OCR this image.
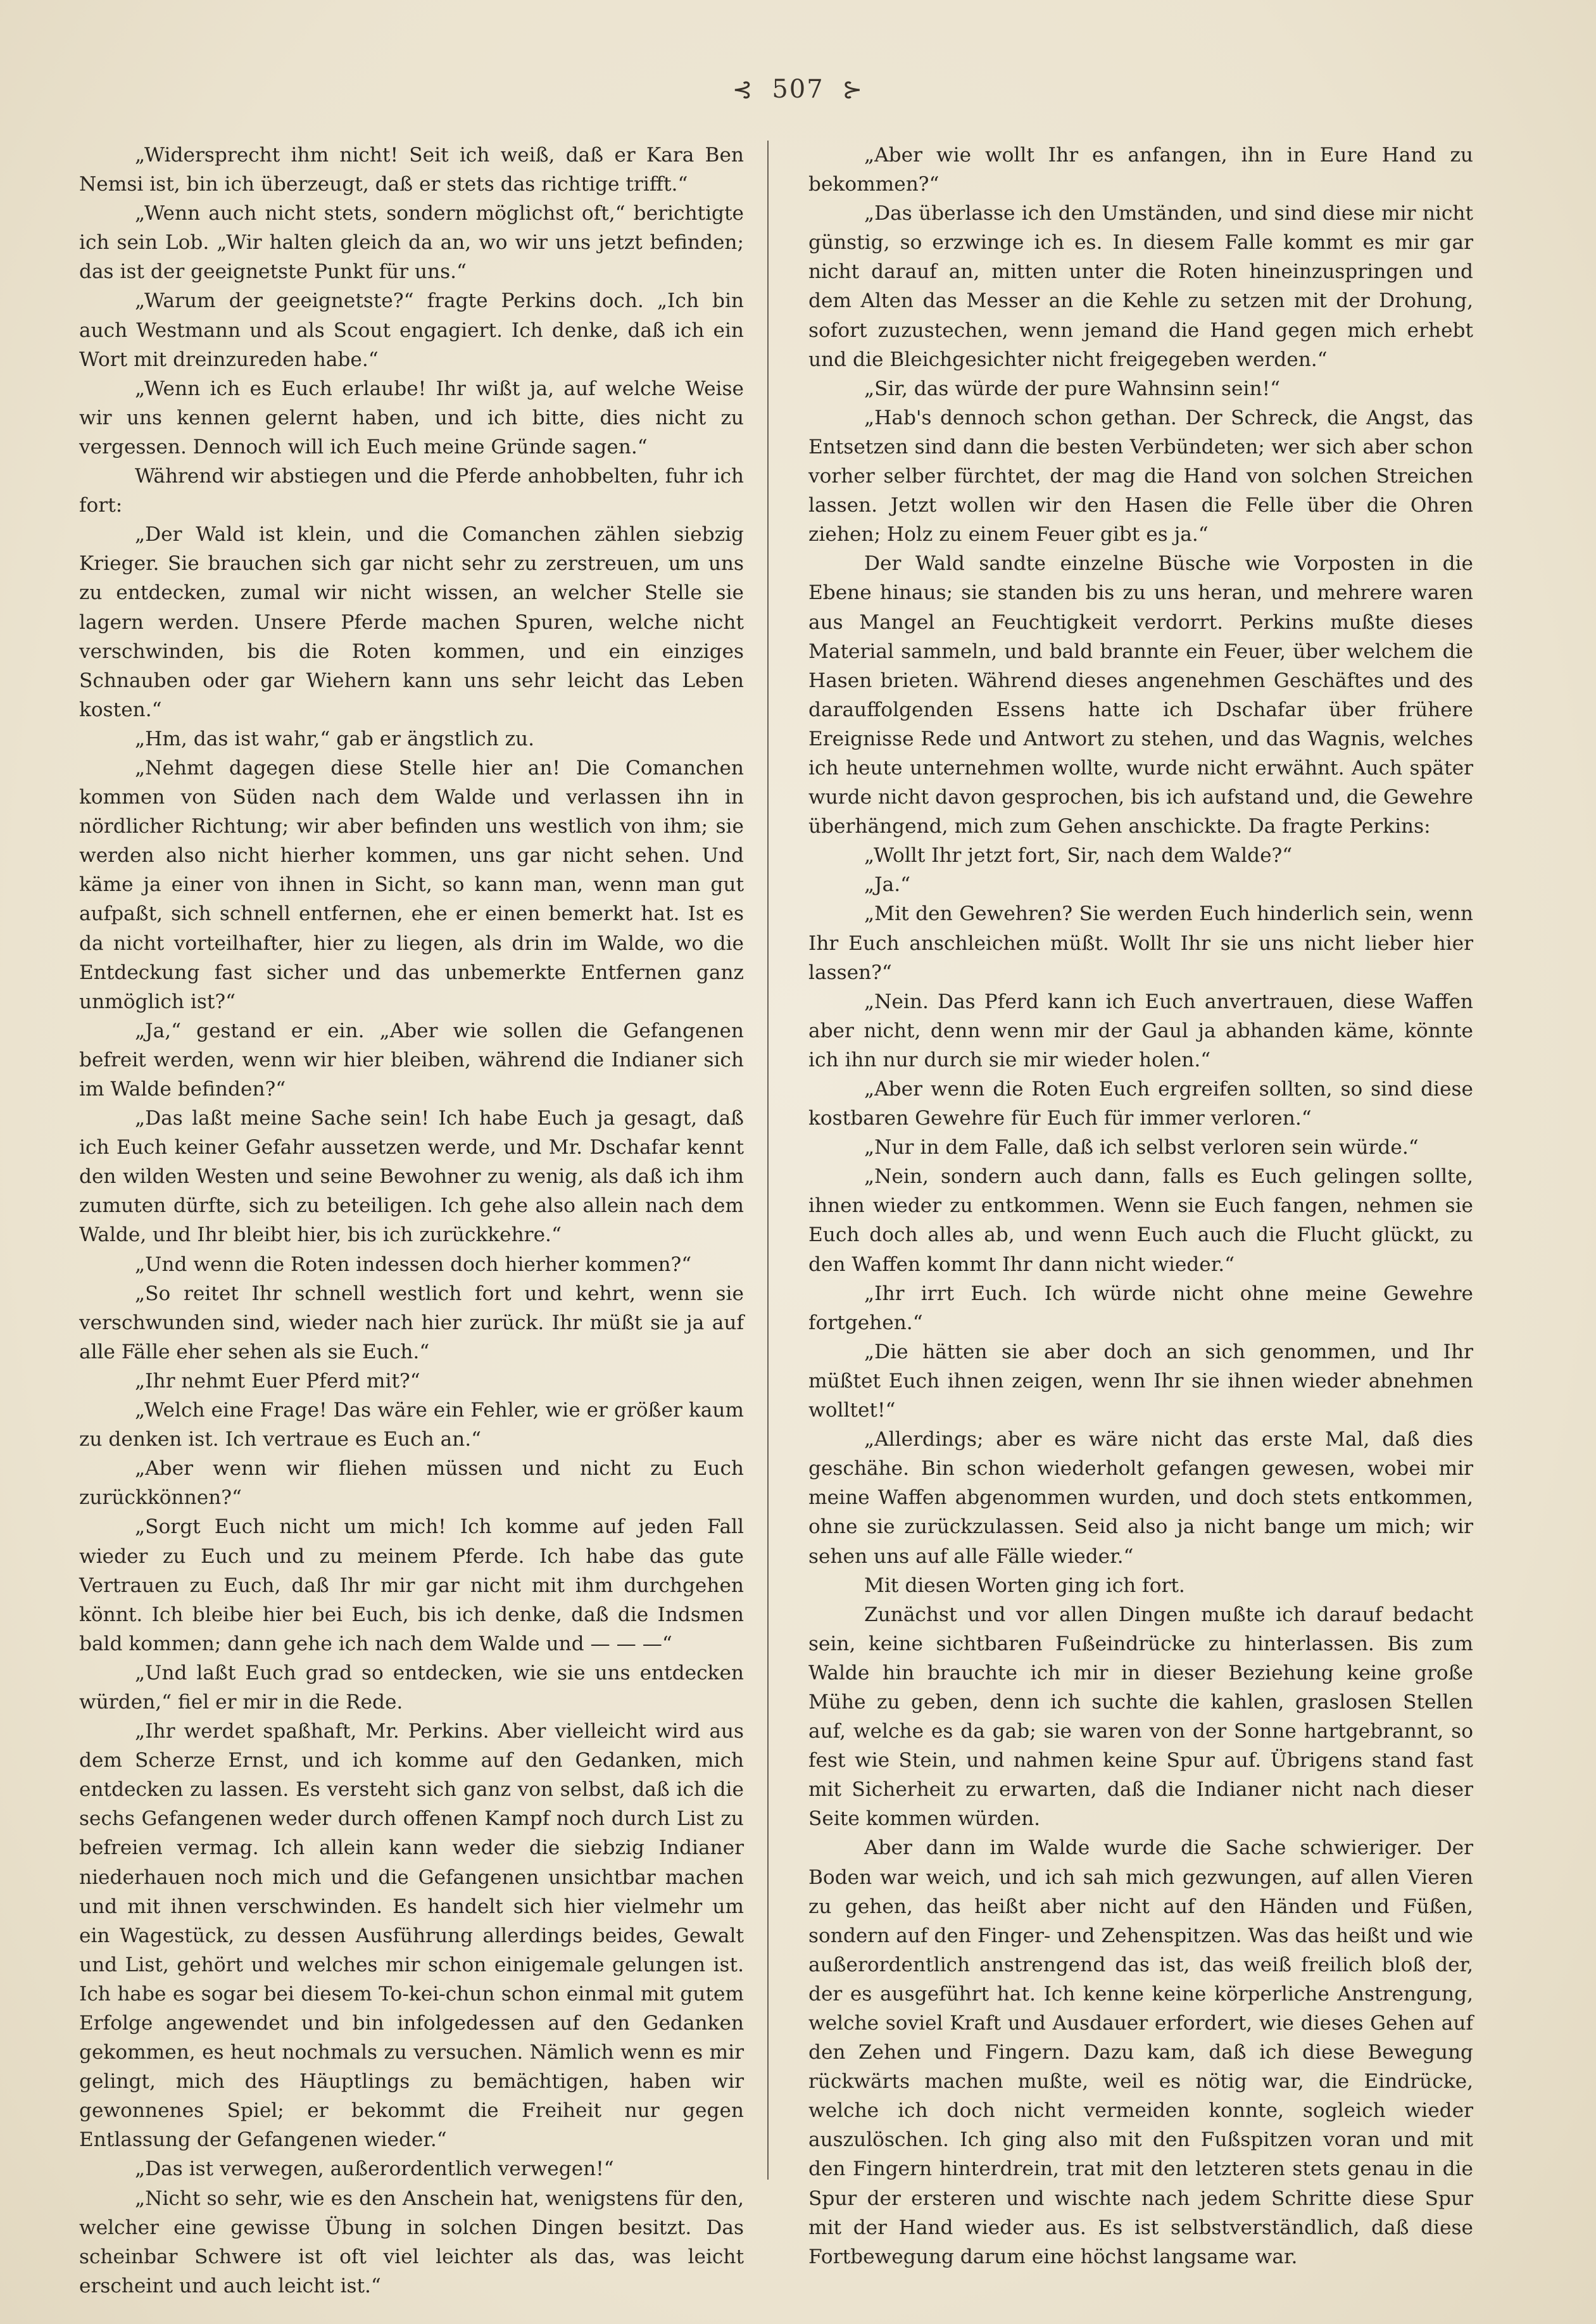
⊰ 507 ⊱

„Widersprecht ihm nicht! Seit ich weiß, daß er Kara Ben Nemsi ist, bin ich überzeugt, daß er stets das richtige trifft.“

„Wenn auch nicht stets, sondern möglichst oft,“ berichtigte ich sein Lob. „Wir halten gleich da an, wo wir uns jetzt befinden; das ist der geeignetste Punkt für uns.“

„Warum der geeignetste?“ fragte Perkins doch. „Ich bin auch Westmann und als Scout engagiert. Ich denke, daß ich ein Wort mit dreinzureden habe.“

„Wenn ich es Euch erlaube! Ihr wißt ja, auf welche Weise wir uns kennen gelernt haben, und ich bitte, dies nicht zu vergessen. Dennoch will ich Euch meine Gründe sagen.“

Während wir abstiegen und die Pferde anhobbelten, fuhr ich fort:

„Der Wald ist klein, und die Comanchen zählen siebzig Krieger. Sie brauchen sich gar nicht sehr zu zerstreuen, um uns zu entdecken, zumal wir nicht wissen, an welcher Stelle sie lagern werden. Unsere Pferde machen Spuren, welche nicht verschwinden, bis die Roten kommen, und ein einziges Schnauben oder gar Wiehern kann uns sehr leicht das Leben kosten.“

„Hm, das ist wahr,“ gab er ängstlich zu.

„Nehmt dagegen diese Stelle hier an! Die Comanchen kommen von Süden nach dem Walde und verlassen ihn in nördlicher Richtung; wir aber befinden uns westlich von ihm; sie werden also nicht hierher kommen, uns gar nicht sehen. Und käme ja einer von ihnen in Sicht, so kann man, wenn man gut aufpaßt, sich schnell entfernen, ehe er einen bemerkt hat. Ist es da nicht vorteilhafter, hier zu liegen, als drin im Walde, wo die Entdeckung fast sicher und das unbemerkte Entfernen ganz unmöglich ist?“

„Ja,“ gestand er ein. „Aber wie sollen die Gefangenen befreit werden, wenn wir hier bleiben, während die Indianer sich im Walde befinden?“

„Das laßt meine Sache sein! Ich habe Euch ja gesagt, daß ich Euch keiner Gefahr aussetzen werde, und Mr. Dschafar kennt den wilden Westen und seine Bewohner zu wenig, als daß ich ihm zumuten dürfte, sich zu beteiligen. Ich gehe also allein nach dem Walde, und Ihr bleibt hier, bis ich zurückkehre.“

„Und wenn die Roten indessen doch hierher kommen?“

„So reitet Ihr schnell westlich fort und kehrt, wenn sie verschwunden sind, wieder nach hier zurück. Ihr müßt sie ja auf alle Fälle eher sehen als sie Euch.“

„Ihr nehmt Euer Pferd mit?“

„Welch eine Frage! Das wäre ein Fehler, wie er größer kaum zu denken ist. Ich vertraue es Euch an.“

„Aber wenn wir fliehen müssen und nicht zu Euch zurückkönnen?“

„Sorgt Euch nicht um mich! Ich komme auf jeden Fall wieder zu Euch und zu meinem Pferde. Ich habe das gute Vertrauen zu Euch, daß Ihr mir gar nicht mit ihm durchgehen könnt. Ich bleibe hier bei Euch, bis ich denke, daß die Indsmen bald kommen; dann gehe ich nach dem Walde und — — —“

„Und laßt Euch grad so entdecken, wie sie uns entdecken würden,“ fiel er mir in die Rede.

„Ihr werdet spaßhaft, Mr. Perkins. Aber vielleicht wird aus dem Scherze Ernst, und ich komme auf den Gedanken, mich entdecken zu lassen. Es versteht sich ganz von selbst, daß ich die sechs Gefangenen weder durch offenen Kampf noch durch List zu befreien vermag. Ich allein kann weder die siebzig Indianer niederhauen noch mich und die Gefangenen unsichtbar machen und mit ihnen verschwinden. Es handelt sich hier vielmehr um ein Wagestück, zu dessen Ausführung allerdings beides, Gewalt und List, gehört und welches mir schon einigemale gelungen ist. Ich habe es sogar bei diesem To-kei-chun schon einmal mit gutem Erfolge angewendet und bin infolgedessen auf den Gedanken gekommen, es heut nochmals zu versuchen. Nämlich wenn es mir gelingt, mich des Häuptlings zu bemächtigen, haben wir gewonnenes Spiel; er bekommt die Freiheit nur gegen Entlassung der Gefangenen wieder.“

„Das ist verwegen, außerordentlich verwegen!“

„Nicht so sehr, wie es den Anschein hat, wenigstens für den, welcher eine gewisse Übung in solchen Dingen besitzt. Das scheinbar Schwere ist oft viel leichter als das, was leicht erscheint und auch leicht ist.“

„Aber wie wollt Ihr es anfangen, ihn in Eure Hand zu bekommen?“

„Das überlasse ich den Umständen, und sind diese mir nicht günstig, so erzwinge ich es. In diesem Falle kommt es mir gar nicht darauf an, mitten unter die Roten hineinzuspringen und dem Alten das Messer an die Kehle zu setzen mit der Drohung, sofort zuzustechen, wenn jemand die Hand gegen mich erhebt und die Bleichgesichter nicht freigegeben werden.“

„Sir, das würde der pure Wahnsinn sein!“

„Hab's dennoch schon gethan. Der Schreck, die Angst, das Entsetzen sind dann die besten Verbündeten; wer sich aber schon vorher selber fürchtet, der mag die Hand von solchen Streichen lassen. Jetzt wollen wir den Hasen die Felle über die Ohren ziehen; Holz zu einem Feuer gibt es ja.“

Der Wald sandte einzelne Büsche wie Vorposten in die Ebene hinaus; sie standen bis zu uns heran, und mehrere waren aus Mangel an Feuchtigkeit verdorrt. Perkins mußte dieses Material sammeln, und bald brannte ein Feuer, über welchem die Hasen brieten. Während dieses angenehmen Geschäftes und des darauffolgenden Essens hatte ich Dschafar über frühere Ereignisse Rede und Antwort zu stehen, und das Wagnis, welches ich heute unternehmen wollte, wurde nicht erwähnt. Auch später wurde nicht davon gesprochen, bis ich aufstand und, die Gewehre überhängend, mich zum Gehen anschickte. Da fragte Perkins:

„Wollt Ihr jetzt fort, Sir, nach dem Walde?“

„Ja.“

„Mit den Gewehren? Sie werden Euch hinderlich sein, wenn Ihr Euch anschleichen müßt. Wollt Ihr sie uns nicht lieber hier lassen?“

„Nein. Das Pferd kann ich Euch anvertrauen, diese Waffen aber nicht, denn wenn mir der Gaul ja abhanden käme, könnte ich ihn nur durch sie mir wieder holen.“

„Aber wenn die Roten Euch ergreifen sollten, so sind diese kostbaren Gewehre für Euch für immer verloren.“

„Nur in dem Falle, daß ich selbst verloren sein würde.“

„Nein, sondern auch dann, falls es Euch gelingen sollte, ihnen wieder zu entkommen. Wenn sie Euch fangen, nehmen sie Euch doch alles ab, und wenn Euch auch die Flucht glückt, zu den Waffen kommt Ihr dann nicht wieder.“

„Ihr irrt Euch. Ich würde nicht ohne meine Gewehre fortgehen.“

„Die hätten sie aber doch an sich genommen, und Ihr müßtet Euch ihnen zeigen, wenn Ihr sie ihnen wieder abnehmen wolltet!“

„Allerdings; aber es wäre nicht das erste Mal, daß dies geschähe. Bin schon wiederholt gefangen gewesen, wobei mir meine Waffen abgenommen wurden, und doch stets entkommen, ohne sie zurückzulassen. Seid also ja nicht bange um mich; wir sehen uns auf alle Fälle wieder.“

Mit diesen Worten ging ich fort.

Zunächst und vor allen Dingen mußte ich darauf bedacht sein, keine sichtbaren Fußeindrücke zu hinterlassen. Bis zum Walde hin brauchte ich mir in dieser Beziehung keine große Mühe zu geben, denn ich suchte die kahlen, graslosen Stellen auf, welche es da gab; sie waren von der Sonne hartgebrannt, so fest wie Stein, und nahmen keine Spur auf. Übrigens stand fast mit Sicherheit zu erwarten, daß die Indianer nicht nach dieser Seite kommen würden.

Aber dann im Walde wurde die Sache schwieriger. Der Boden war weich, und ich sah mich gezwungen, auf allen Vieren zu gehen, das heißt aber nicht auf den Händen und Füßen, sondern auf den Finger- und Zehenspitzen. Was das heißt und wie außerordentlich anstrengend das ist, das weiß freilich bloß der, der es ausgeführt hat. Ich kenne keine körperliche Anstrengung, welche soviel Kraft und Ausdauer erfordert, wie dieses Gehen auf den Zehen und Fingern. Dazu kam, daß ich diese Bewegung rückwärts machen mußte, weil es nötig war, die Eindrücke, welche ich doch nicht vermeiden konnte, sogleich wieder auszulöschen. Ich ging also mit den Fußspitzen voran und mit den Fingern hinterdrein, trat mit den letzteren stets genau in die Spur der ersteren und wischte nach jedem Schritte diese Spur mit der Hand wieder aus. Es ist selbstverständlich, daß diese Fortbewegung darum eine höchst langsame war.
